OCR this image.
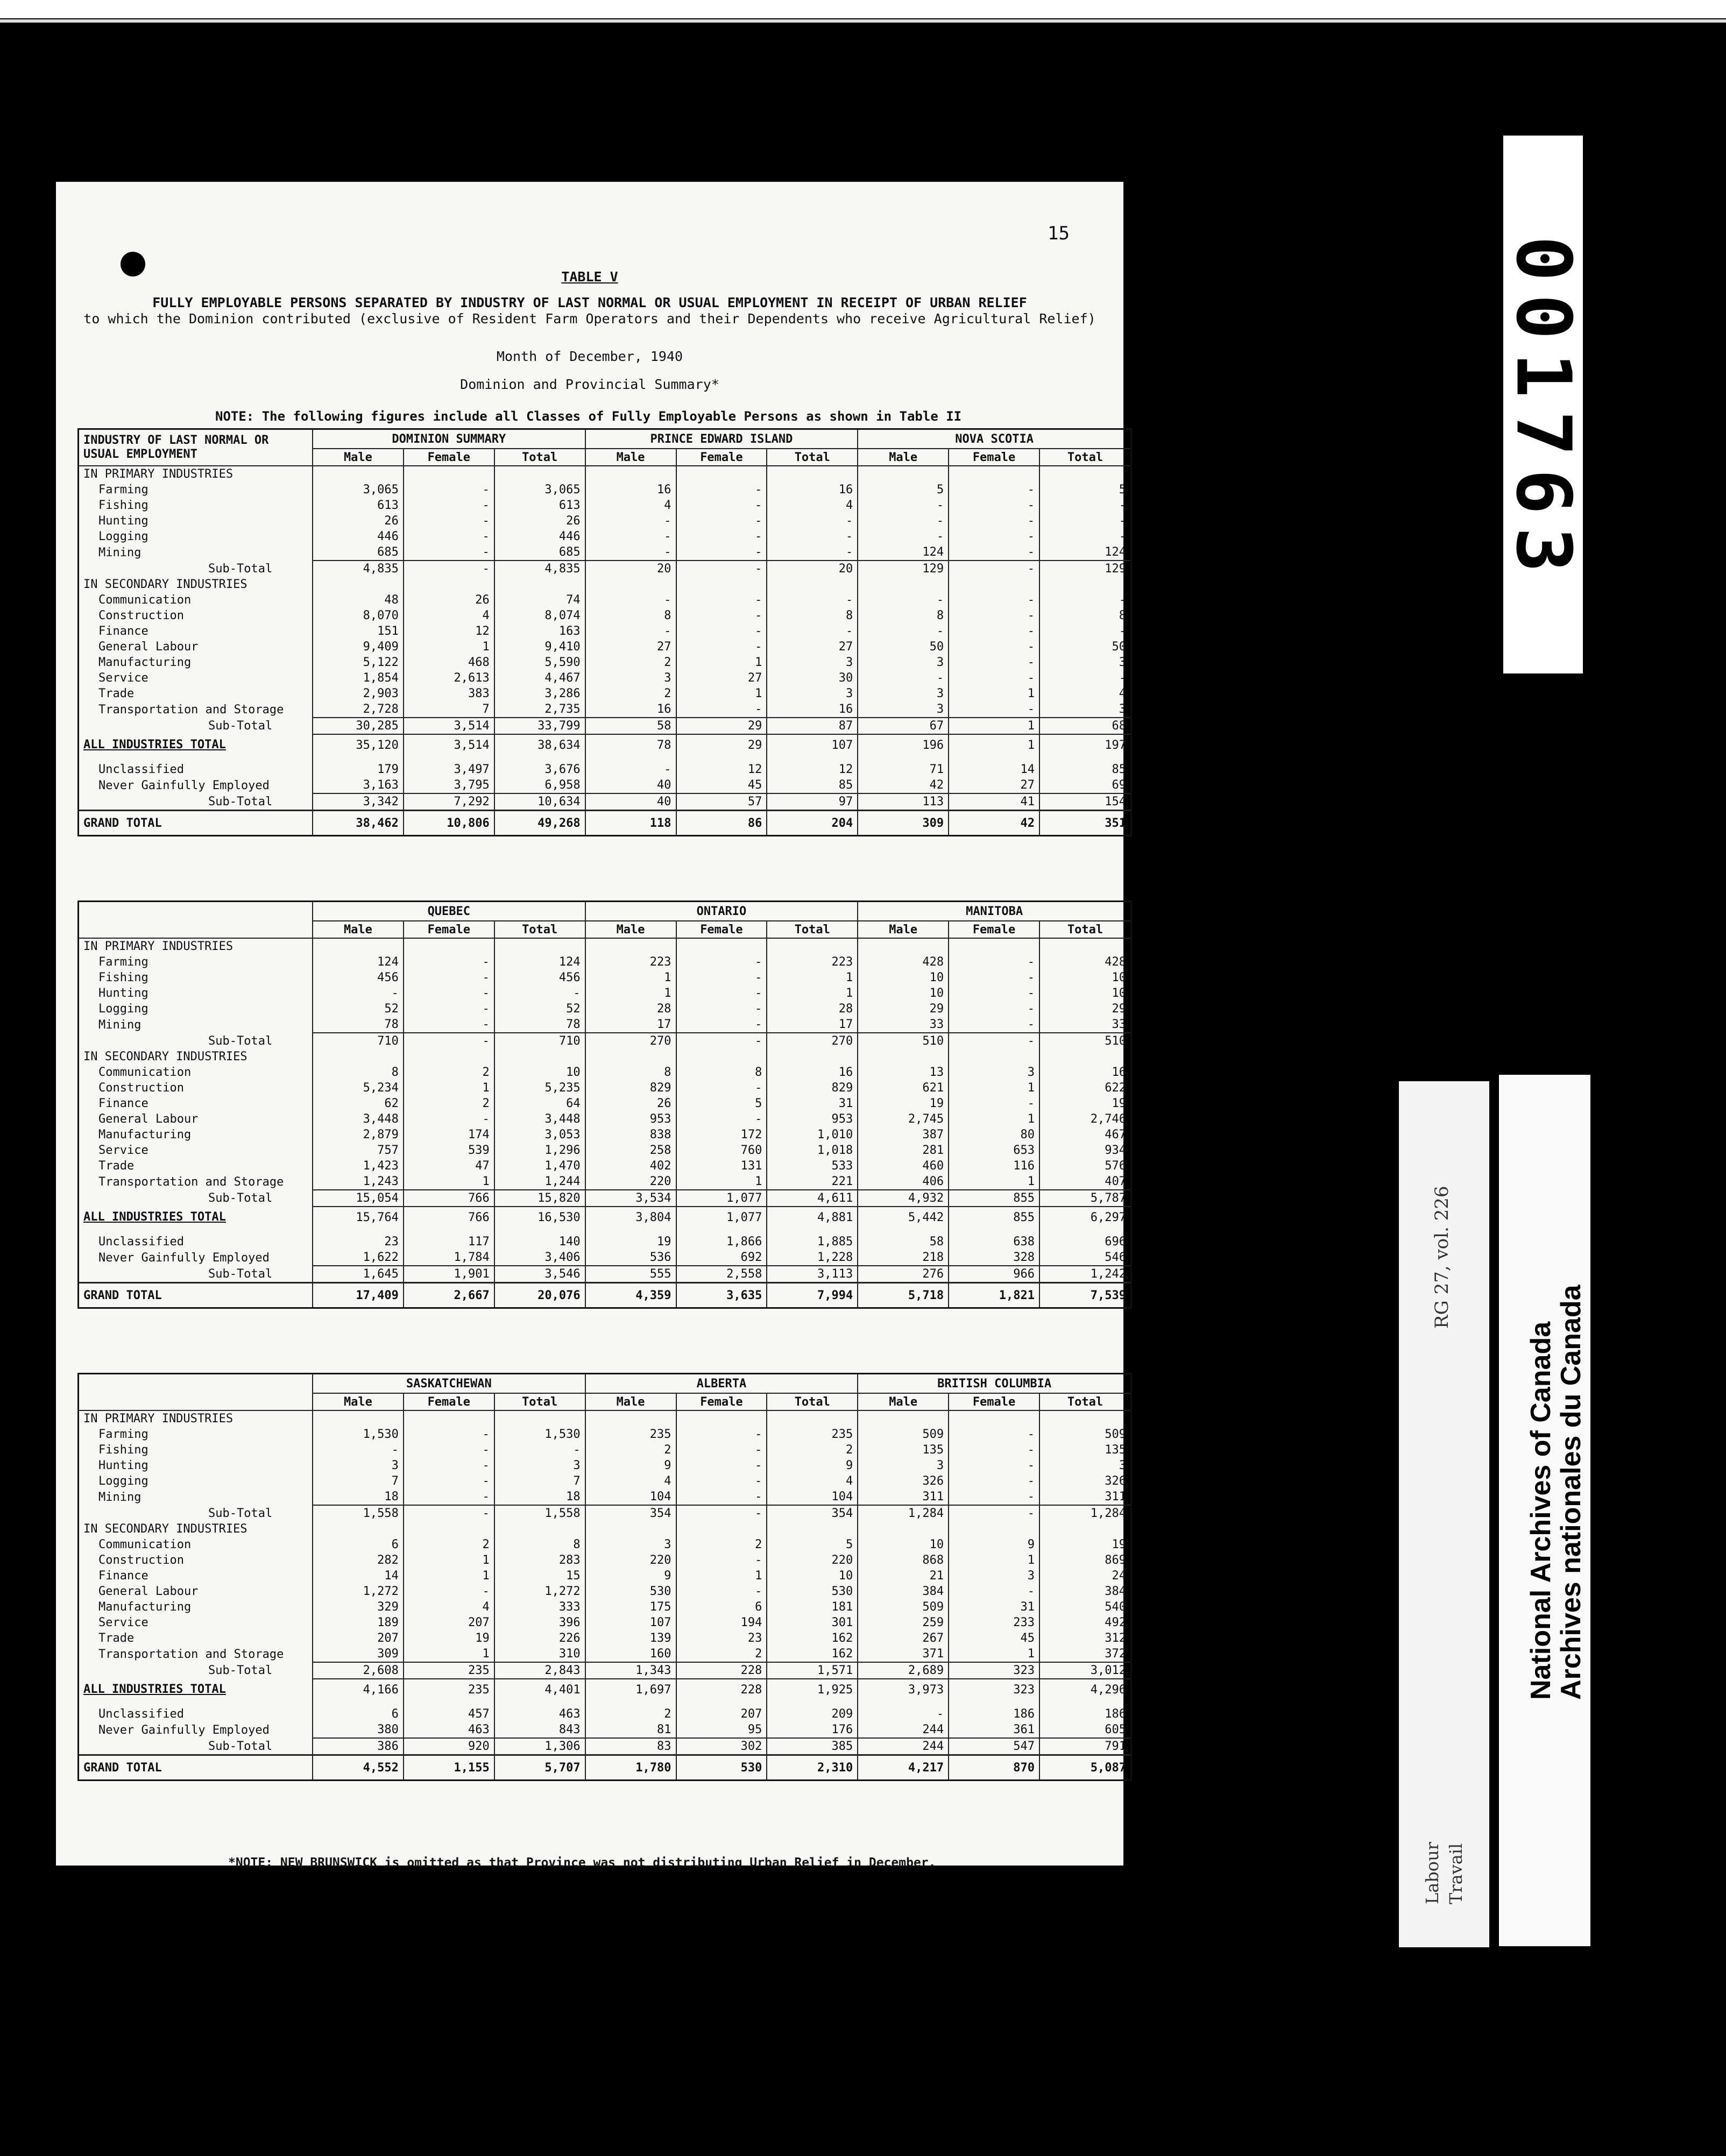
15
TABLE V
FULLY EMPLOYABLE PERSONS SEPARATED BY INDUSTRY OF LAST NORMAL OR USUAL EMPLOYMENT IN RECEIPT OF URBAN RELIEF
to which the Dominion contributed (exclusive of Resident Farm Operators and their Dependents who receive Agricultural Relief)
Month of December, 1940
Dominion and Provincial Summary*
NOTE: The following figures include all Classes of Fully Employable Persons as shown in Table II
INDUSTRY OF LAST NORMAL OR USUAL EMPLOYMENT	DOMINION SUMMARY			PRINCE EDWARD ISLAND			NOVA SCOTIA		
	Male	Female	Total	Male	Female	Total	Male	Female	Total
IN PRIMARY INDUSTRIES									
Farming	3,065	-	3,065	16	-	16	5	-	5
Fishing	613	-	613	4	-	4	-	-	-
Hunting	26	-	26	-	-	-	-	-	-
Logging	446	-	446	-	-	-	-	-	-
Mining	685	-	685	-	-	-	124	-	124
Sub-Total	4,835	-	4,835	20	-	20	129	-	129
IN SECONDARY INDUSTRIES									
Communication	48	26	74	-	-	-	-	-	-
Construction	8,070	4	8,074	8	-	8	8	-	8
Finance	151	12	163	-	-	-	-	-	-
General Labour	9,409	1	9,410	27	-	27	50	-	50
Manufacturing	5,122	468	5,590	2	1	3	3	-	3
Service	1,854	2,613	4,467	3	27	30	-	-	-
Trade	2,903	383	3,286	2	1	3	3	1	4
Transportation and Storage	2,728	7	2,735	16	-	16	3	-	3
Sub-Total	30,285	3,514	33,799	58	29	87	67	1	68
ALL INDUSTRIES TOTAL	35,120	3,514	38,634	78	29	107	196	1	197

Unclassified	179	3,497	3,676	-	12	12	71	14	85
Never Gainfully Employed	3,163	3,795	6,958	40	45	85	42	27	69
Sub-Total	3,342	7,292	10,634	40	57	97	113	41	154
GRAND TOTAL	38,462	10,806	49,268	118	86	204	309	42	351
	QUEBEC			ONTARIO			MANITOBA		
	Male	Female	Total	Male	Female	Total	Male	Female	Total
IN PRIMARY INDUSTRIES									
Farming	124	-	124	223	-	223	428	-	428
Fishing	456	-	456	1	-	1	10	-	10
Hunting	-	-	-	1	-	1	10	-	10
Logging	52	-	52	28	-	28	29	-	29
Mining	78	-	78	17	-	17	33	-	33
Sub-Total	710	-	710	270	-	270	510	-	510
IN SECONDARY INDUSTRIES									
Communication	8	2	10	8	8	16	13	3	16
Construction	5,234	1	5,235	829	-	829	621	1	622
Finance	62	2	64	26	5	31	19	-	19
General Labour	3,448	-	3,448	953	-	953	2,745	1	2,746
Manufacturing	2,879	174	3,053	838	172	1,010	387	80	467
Service	757	539	1,296	258	760	1,018	281	653	934
Trade	1,423	47	1,470	402	131	533	460	116	576
Transportation and Storage	1,243	1	1,244	220	1	221	406	1	407
Sub-Total	15,054	766	15,820	3,534	1,077	4,611	4,932	855	5,787
ALL INDUSTRIES TOTAL	15,764	766	16,530	3,804	1,077	4,881	5,442	855	6,297

Unclassified	23	117	140	19	1,866	1,885	58	638	696
Never Gainfully Employed	1,622	1,784	3,406	536	692	1,228	218	328	546
Sub-Total	1,645	1,901	3,546	555	2,558	3,113	276	966	1,242
GRAND TOTAL	17,409	2,667	20,076	4,359	3,635	7,994	5,718	1,821	7,539
	SASKATCHEWAN			ALBERTA			BRITISH COLUMBIA		
	Male	Female	Total	Male	Female	Total	Male	Female	Total
IN PRIMARY INDUSTRIES									
Farming	1,530	-	1,530	235	-	235	509	-	509
Fishing	-	-	-	2	-	2	135	-	135
Hunting	3	-	3	9	-	9	3	-	3
Logging	7	-	7	4	-	4	326	-	326
Mining	18	-	18	104	-	104	311	-	311
Sub-Total	1,558	-	1,558	354	-	354	1,284	-	1,284
IN SECONDARY INDUSTRIES									
Communication	6	2	8	3	2	5	10	9	19
Construction	282	1	283	220	-	220	868	1	869
Finance	14	1	15	9	1	10	21	3	24
General Labour	1,272	-	1,272	530	-	530	384	-	384
Manufacturing	329	4	333	175	6	181	509	31	540
Service	189	207	396	107	194	301	259	233	492
Trade	207	19	226	139	23	162	267	45	312
Transportation and Storage	309	1	310	160	2	162	371	1	372
Sub-Total	2,608	235	2,843	1,343	228	1,571	2,689	323	3,012
ALL INDUSTRIES TOTAL	4,166	235	4,401	1,697	228	1,925	3,973	323	4,296

Unclassified	6	457	463	2	207	209	-	186	186
Never Gainfully Employed	380	463	843	81	95	176	244	361	605
Sub-Total	386	920	1,306	83	302	385	244	547	791
GRAND TOTAL	4,552	1,155	5,707	1,780	530	2,310	4,217	870	5,087
*NOTE: NEW BRUNSWICK is omitted as that Province was not distributing Urban Relief in December.
001763
RG 27, vol. 226
Labour Travail
National Archives of Canada
Archives nationales du Canada
